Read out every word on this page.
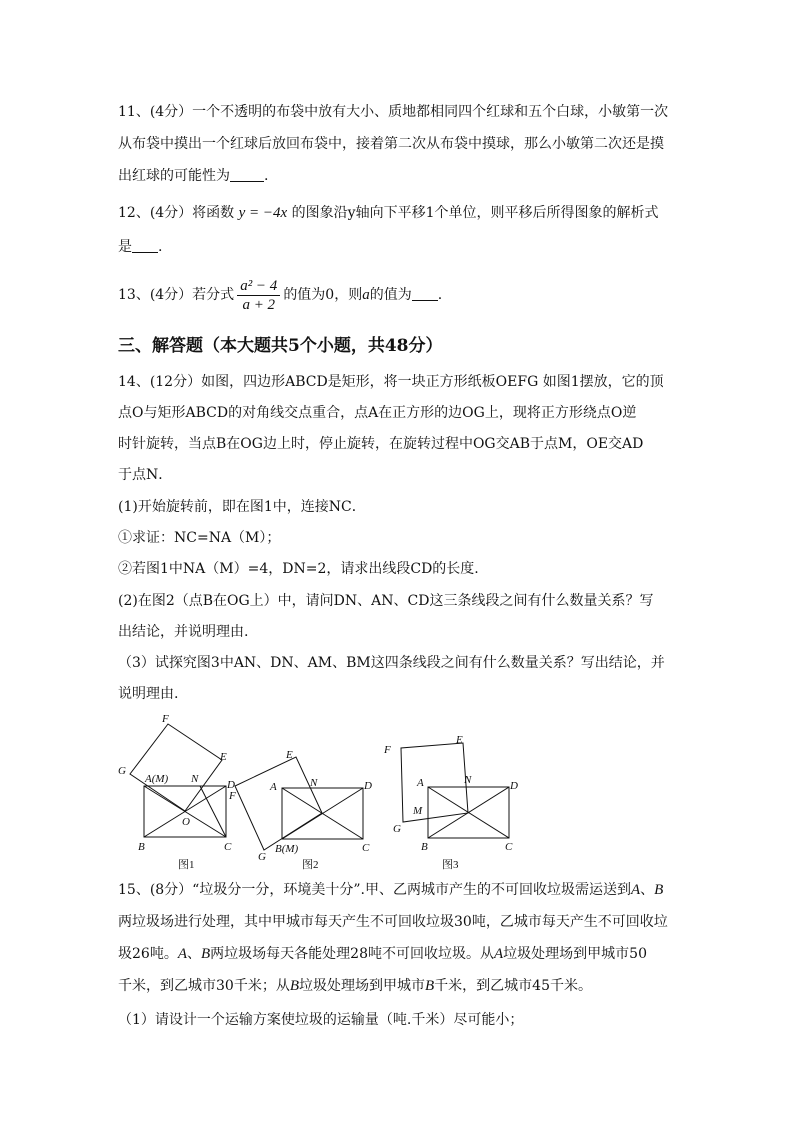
11、(4分）一个不透明的布袋中放有大小、质地都相同四个红球和五个白球，小敏第一次
从布袋中摸出一个红球后放回布袋中，接着第二次从布袋中摸球，那么小敏第二次还是摸
出红球的可能性为 .
12、(4分）将函数 y = −4x 的图象沿y轴向下平移1个单位，则平移后所得图象的解析式
是 .
13、(4分）若分式 $\frac{\text{a² − 4}}{a + 2}$ 的值为0，则a的值为 .
三、解答题（本大题共5个小题，共48分）
14、(12分）如图，四边形ABCD是矩形，将一块正方形纸板OEFG 如图1摆放，它的顶
点O与矩形ABCD的对角线交点重合，点A在正方形的边OG上，现将正方形绕点O逆
时针旋转，当点B在OG边上时，停止旋转，在旋转过程中OG交AB于点M，OE交AD
于点N．
(1)开始旋转前，即在图1中，连接NC．
①求证：NC=NA（M）；
②若图1中NA（M）=4，DN=2，请求出线段CD的长度.
(2)在图2（点B在OG上）中，请问DN、AN、CD这三条线段之间有什么数量关系？写
出结论，并说明理由.
（3）试探究图3中AN、DN、AM、BM这四条线段之间有什么数量关系？写出结论，并
说明理由.
F
G
A(M) N
E
D
O
B	C
图1
E
A	N	D
F
B(M)	C
G
图2
F
E
A	N	D
M
G
B	C
图3
15、(8分）“垃圾分一分，环境美十分”.甲、乙两城市产生的不可回收垃圾需运送到A、B
两垃圾场进行处理，其中甲城市每天产生不可回收垃圾30吨，乙城市每天产生不可回收垃
圾26吨。A、B两垃圾场每天各能处理28吨不可回收垃圾。从A垃圾处理场到甲城市50
千米，到乙城市30千米；从B垃圾处理场到甲城市B千米，到乙城市45千米。
（1）请设计一个运输方案使垃圾的运输量（吨.千米）尽可能小；
